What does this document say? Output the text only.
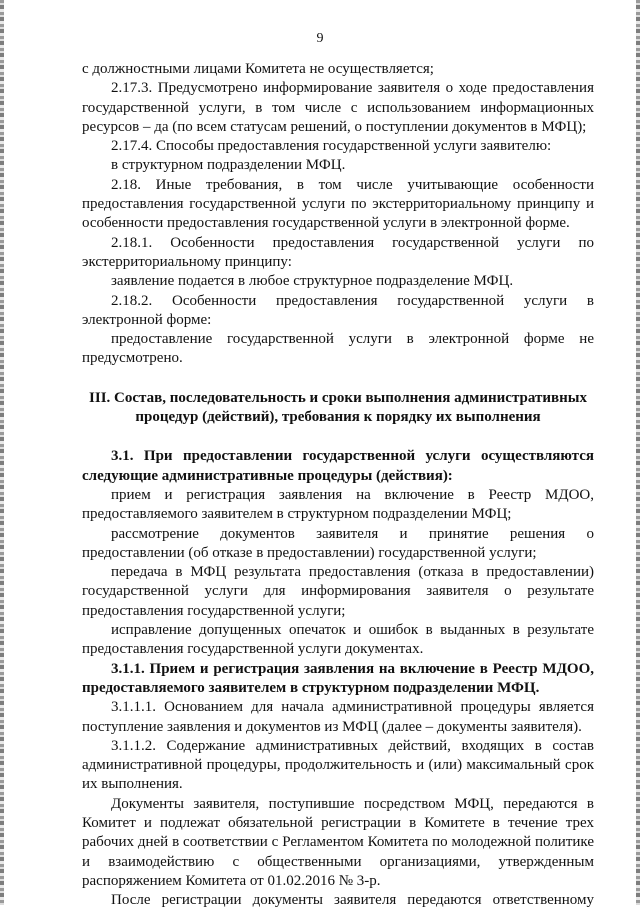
9

с должностными лицами Комитета не осуществляется;

2.17.3. Предусмотрено информирование заявителя о ходе предоставления государственной услуги, в том числе с использованием информационных ресурсов – да (по всем статусам решений, о поступлении документов в МФЦ);

2.17.4. Способы предоставления государственной услуги заявителю:

в структурном подразделении МФЦ.

2.18. Иные требования, в том числе учитывающие особенности предоставления государственной услуги по экстерриториальному принципу и особенности предоставления государственной услуги в электронной форме.

2.18.1. Особенности предоставления государственной услуги по экстерриториальному принципу:

заявление подается в любое структурное подразделение МФЦ.

2.18.2. Особенности предоставления государственной услуги в электронной форме:

предоставление государственной услуги в электронной форме не предусмотрено.

III. Состав, последовательность и сроки выполнения административных процедур (действий), требования к порядку их выполнения

3.1. При предоставлении государственной услуги осуществляются следующие административные процедуры (действия):

прием и регистрация заявления на включение в Реестр МДОО, предоставляемого заявителем в структурном подразделении МФЦ;

рассмотрение документов заявителя и принятие решения о предоставлении (об отказе в предоставлении) государственной услуги;

передача в МФЦ результата предоставления (отказа в предоставлении) государственной услуги для информирования заявителя о результате предоставления государственной услуги;

исправление допущенных опечаток и ошибок в выданных в результате предоставления государственной услуги документах.

3.1.1. Прием и регистрация заявления на включение в Реестр МДОО, предоставляемого заявителем в структурном подразделении МФЦ.

3.1.1.1. Основанием для начала административной процедуры является поступление заявления и документов из МФЦ (далее – документы заявителя).

3.1.1.2. Содержание административных действий, входящих в состав административной процедуры, продолжительность и (или) максимальный срок их выполнения.

Документы заявителя, поступившие посредством МФЦ, передаются в Комитет и подлежат обязательной регистрации в Комитете в течение трех рабочих дней в соответствии с Регламентом Комитета по молодежной политике и взаимодействию с общественными организациями, утвержденным распоряжением Комитета от 01.02.2016 № 3-р.

После регистрации документы заявителя передаются ответственному
